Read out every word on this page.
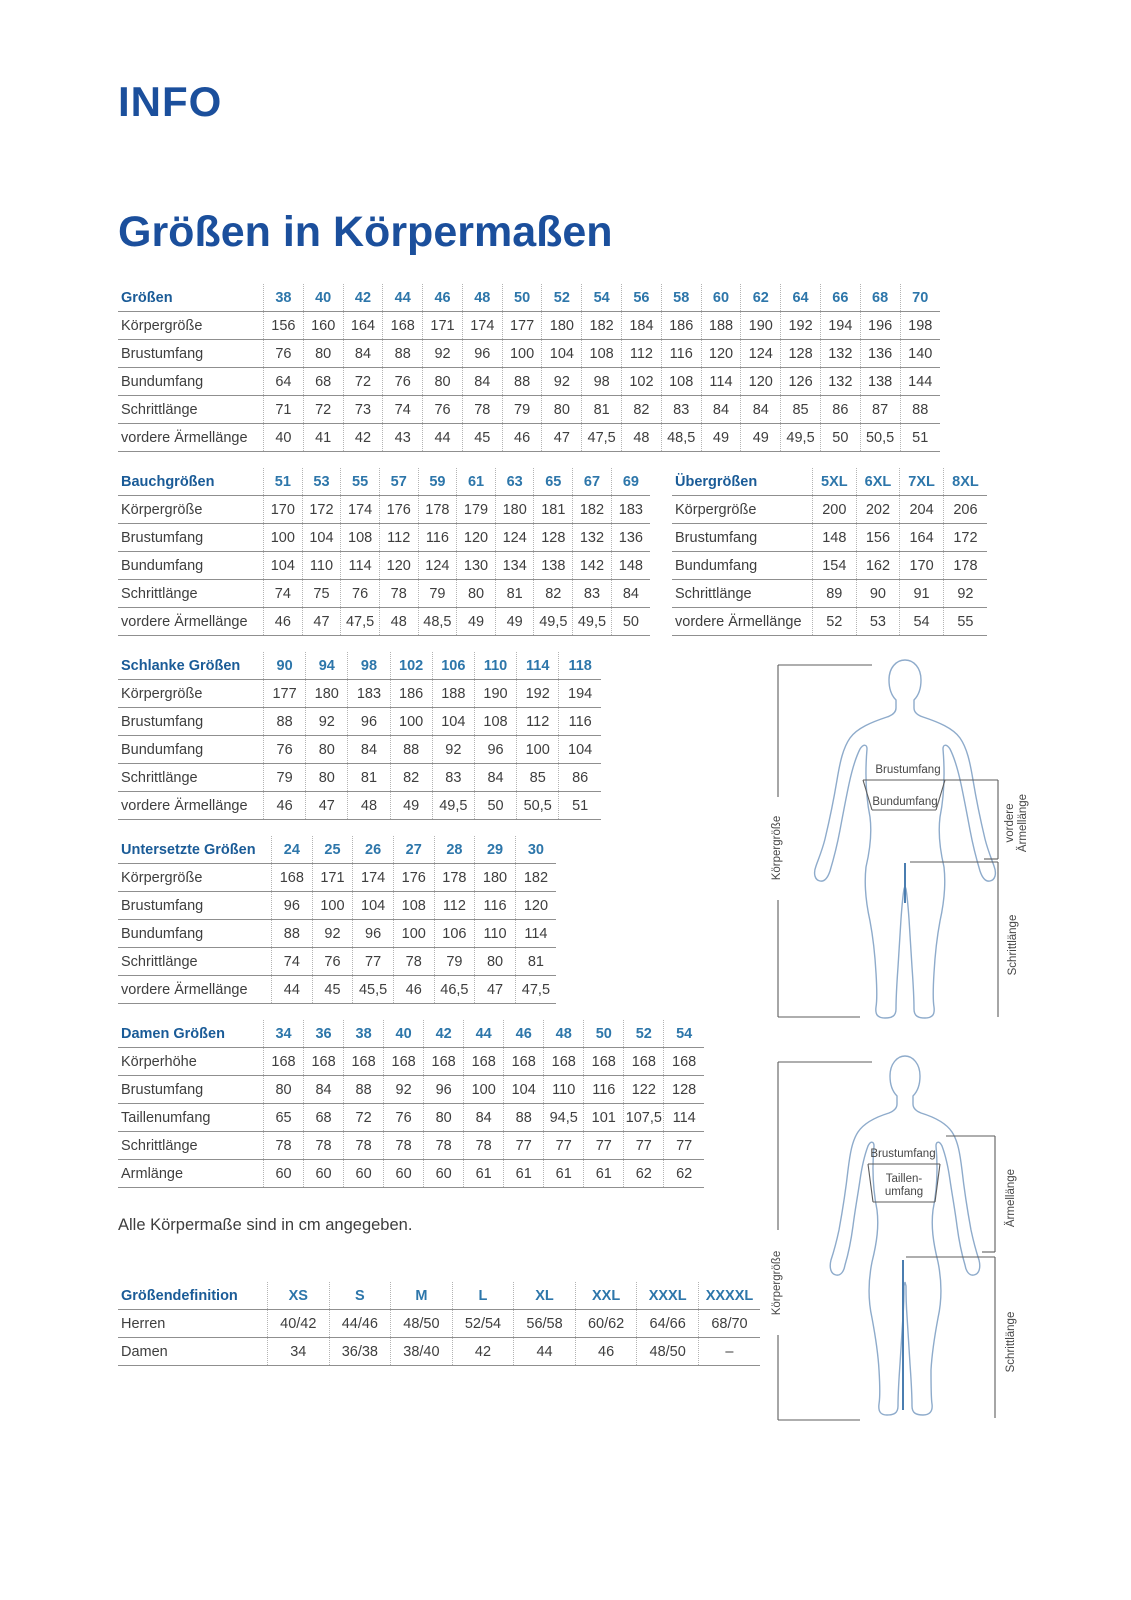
INFO
Größen in Körpermaßen
Größen	38	40	42	44	46	48	50	52	54	56	58	60	62	64	66	68	70
Körpergröße	156	160	164	168	171	174	177	180	182	184	186	188	190	192	194	196	198
Brustumfang	76	80	84	88	92	96	100	104	108	112	116	120	124	128	132	136	140
Bundumfang	64	68	72	76	80	84	88	92	98	102	108	114	120	126	132	138	144
Schrittlänge	71	72	73	74	76	78	79	80	81	82	83	84	84	85	86	87	88
vordere Ärmellänge	40	41	42	43	44	45	46	47	47,5	48	48,5	49	49	49,5	50	50,5	51
Bauchgrößen	51	53	55	57	59	61	63	65	67	69
Körpergröße	170	172	174	176	178	179	180	181	182	183
Brustumfang	100	104	108	112	116	120	124	128	132	136
Bundumfang	104	110	114	120	124	130	134	138	142	148
Schrittlänge	74	75	76	78	79	80	81	82	83	84
vordere Ärmellänge	46	47	47,5	48	48,5	49	49	49,5	49,5	50
Übergrößen	5XL	6XL	7XL	8XL
Körpergröße	200	202	204	206
Brustumfang	148	156	164	172
Bundumfang	154	162	170	178
Schrittlänge	89	90	91	92
vordere Ärmellänge	52	53	54	55
Schlanke Größen	90	94	98	102	106	110	114	118
Körpergröße	177	180	183	186	188	190	192	194
Brustumfang	88	92	96	100	104	108	112	116
Bundumfang	76	80	84	88	92	96	100	104
Schrittlänge	79	80	81	82	83	84	85	86
vordere Ärmellänge	46	47	48	49	49,5	50	50,5	51
Untersetzte Größen	24	25	26	27	28	29	30
Körpergröße	168	171	174	176	178	180	182
Brustumfang	96	100	104	108	112	116	120
Bundumfang	88	92	96	100	106	110	114
Schrittlänge	74	76	77	78	79	80	81
vordere Ärmellänge	44	45	45,5	46	46,5	47	47,5
Damen Größen	34	36	38	40	42	44	46	48	50	52	54
Körperhöhe	168	168	168	168	168	168	168	168	168	168	168
Brustumfang	80	84	88	92	96	100	104	110	116	122	128
Taillenumfang	65	68	72	76	80	84	88	94,5	101	107,5	114
Schrittlänge	78	78	78	78	78	78	77	77	77	77	77
Armlänge	60	60	60	60	60	61	61	61	61	62	62
Alle Körpermaße sind in cm angegeben.
Größendefinition	XS	S	M	L	XL	XXL	XXXL	XXXXL
Herren	40/42	44/46	48/50	52/54	56/58	60/62	64/66	68/70
Damen	34	36/38	38/40	42	44	46	48/50	–
Körpergröße
Brustumfang
Bundumfang
vordere Ärmellänge
Schrittlänge
Körpergröße
Brustumfang
Taillen-
umfang	Ärmellänge
Schrittlänge
